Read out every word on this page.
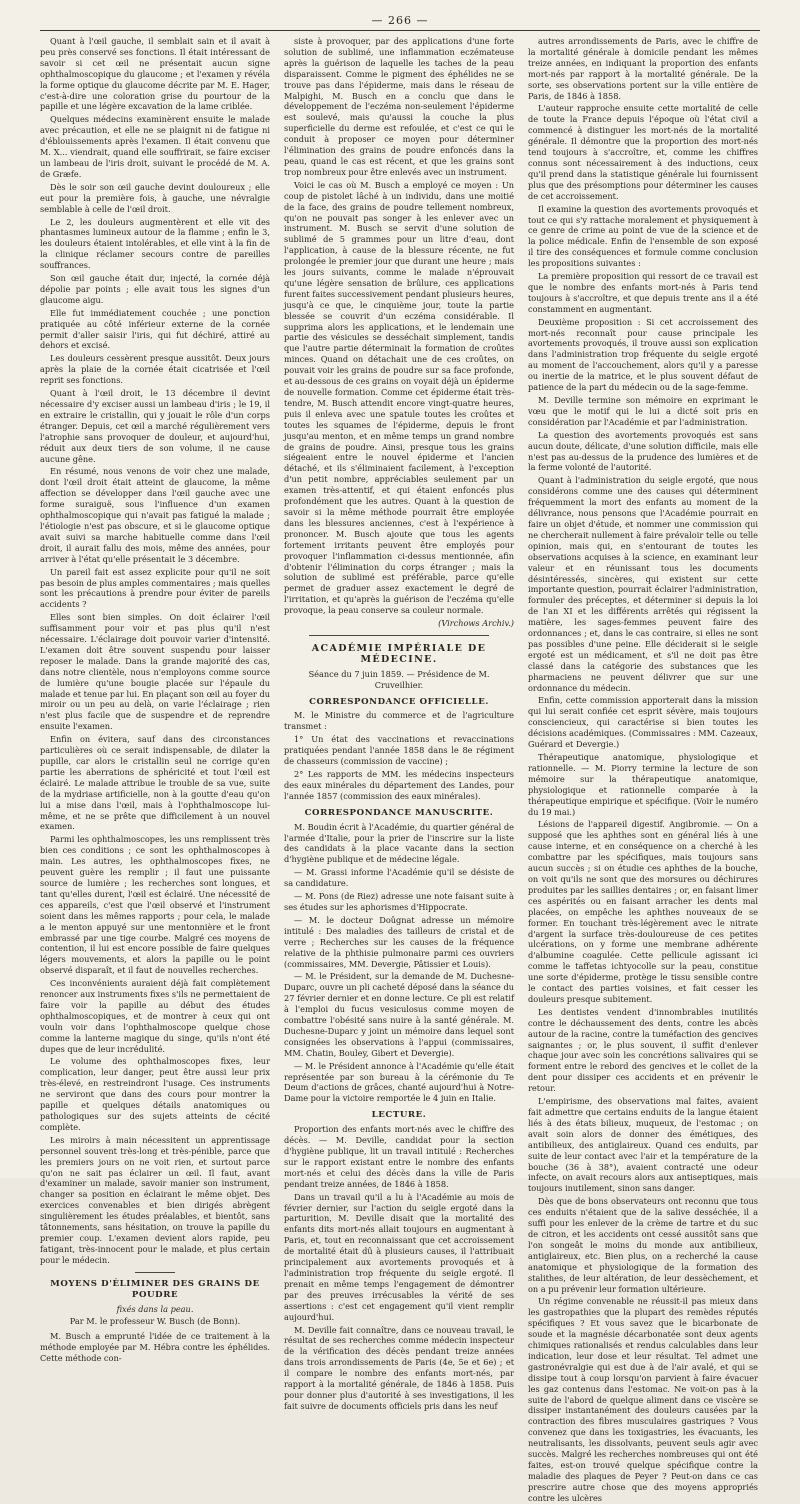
— 266 —

Quant à l'œil gauche, il semblait sain et il avait à peu près conservé ses fonctions. Il était intéressant de savoir si cet œil ne présentait aucun signe ophthalmoscopique du glaucome ; et l'examen y révéla la forme optique du glaucome décrite par M. E. Hager, c'est-à-dire une coloration grise du pourtour de la papille et une légère excavation de la lame criblée.

Quelques médecins examinèrent ensuite le malade avec précaution, et elle ne se plaignit ni de fatigue ni d'éblouissements après l'examen. Il était convenu que M. X... viendrait, quand elle souffrirait, se faire exciser un lambeau de l'iris droit, suivant le procédé de M. A. de Græfe.

Dès le soir son œil gauche devint douloureux ; elle eut pour la première fois, à gauche, une névralgie semblable à celle de l'œil droit.

Le 2, les douleurs augmentèrent et elle vit des phantasmes lumineux autour de la flamme ; enfin le 3, les douleurs étaient intolérables, et elle vint à la fin de la clinique réclamer secours contre de pareilles souffrances.

Son œil gauche était dur, injecté, la cornée déjà dépolie par points ; elle avait tous les signes d'un glaucome aigu.

Elle fut immédiatement couchée ; une ponction pratiquée au côté inférieur externe de la cornée permit d'aller saisir l'iris, qui fut déchiré, attiré au dehors et excisé.

Les douleurs cessèrent presque aussitôt. Deux jours après la plaie de la cornée était cicatrisée et l'œil reprit ses fonctions.

Quant à l'œil droit, le 13 décembre il devint nécessaire d'y exciser aussi un lambeau d'iris ; le 19, il en extraire le cristallin, qui y jouait le rôle d'un corps étranger. Depuis, cet œil a marché régulièrement vers l'atrophie sans provoquer de douleur, et aujourd'hui, réduit aux deux tiers de son volume, il ne cause aucune gêne.

En résumé, nous venons de voir chez une malade, dont l'œil droit était atteint de glaucome, la même affection se développer dans l'œil gauche avec une forme suraiguë, sous l'influence d'un examen ophthalmoscopique qui n'avait pas fatigué la malade ; l'étiologie n'est pas obscure, et si le glaucome optique avait suivi sa marche habituelle comme dans l'œil droit, il aurait fallu des mois, même des années, pour arriver à l'état qu'elle présentait le 3 décembre.

Un pareil fait est assez explicite pour qu'il ne soit pas besoin de plus amples commentaires ; mais quelles sont les précautions à prendre pour éviter de pareils accidents ?

Elles sont bien simples. On doit éclairer l'œil suffisamment pour voir et pas plus qu'il n'est nécessaire. L'éclairage doit pouvoir varier d'intensité. L'examen doit être souvent suspendu pour laisser reposer le malade. Dans la grande majorité des cas, dans notre clientèle, nous n'employons comme source de lumière qu'une bougie placée sur l'épaule du malade et tenue par lui. En plaçant son œil au foyer du miroir ou un peu au delà, on varie l'éclairage ; rien n'est plus facile que de suspendre et de reprendre ensuite l'examen.

Enfin on évitera, sauf dans des circonstances particulières où ce serait indispensable, de dilater la pupille, car alors le cristallin seul ne corrige qu'en partie les aberrations de sphéricité et tout l'œil est éclairé. Le malade attribue le trouble de sa vue, suite de la mydriase artificielle, non à la goutte d'eau qu'on lui a mise dans l'œil, mais à l'ophthalmoscope lui-même, et ne se prête que difficilement à un nouvel examen.

Parmi les ophthalmoscopes, les uns remplissent très bien ces conditions ; ce sont les ophthalmoscopes à main. Les autres, les ophthalmoscopes fixes, ne peuvent guère les remplir ; il faut une puissante source de lumière ; les recherches sont longues, et tant qu'elles durent, l'œil est éclairé. Une nécessité de ces appareils, c'est que l'œil observé et l'instrument soient dans les mêmes rapports ; pour cela, le malade a le menton appuyé sur une mentonnière et le front embrassé par une tige courbe. Malgré ces moyens de contention, il lui est encore possible de faire quelques légers mouvements, et alors la papille ou le point observé disparaît, et il faut de nouvelles recherches.

Ces inconvénients auraient déjà fait complètement renoncer aux instruments fixes s'ils ne permettaient de faire voir la papille au début des études ophthalmoscopiques, et de montrer à ceux qui ont vouln voir dans l'ophthalmoscope quelque chose comme la lanterne magique du singe, qu'ils n'ont été dupes que de leur incrédulité.

Le volume des ophthalmoscopes fixes, leur complication, leur danger, peut être aussi leur prix très-élevé, en restreindront l'usage. Ces instruments ne serviront que dans des cours pour montrer la papille et quelques détails anatomiques ou pathologiques sur des sujets atteints de cécité complète.

Les miroirs à main nécessitent un apprentissage personnel souvent très-long et très-pénible, parce que les premiers jours on ne voit rien, et surtout parce qu'on ne sait pas éclairer un œil. Il faut, avant d'examiner un malade, savoir manier son instrument, changer sa position en éclairant le même objet. Des exercices convenables et bien dirigés abrègent singulièrement les études préalables, et bientôt, sans tâtonnements, sans hésitation, on trouve la papille du premier coup. L'examen devient alors rapide, peu fatigant, très-innocent pour le malade, et plus certain pour le médecin.

MOYENS D'ÉLIMINER DES GRAINS DE POUDRE
fixés dans la peau.
Par M. le professeur W. Busch (de Bonn).

M. Busch a emprunté l'idée de ce traitement à la méthode employée par M. Hébra contre les éphélides. Cette méthode con-

siste à provoquer, par des applications d'une forte solution de sublimé, une inflammation eczémateuse après la guérison de laquelle les taches de la peau disparaissent. Comme le pigment des éphélides ne se trouve pas dans l'épiderme, mais dans le réseau de Malpighi, M. Busch en a conclu que dans le développement de l'eczéma non-seulement l'épiderme est soulevé, mais qu'aussi la couche la plus superficielle du derme est refoulée, et c'est ce qui le conduit à proposer ce moyen pour déterminer l'élimination des grains de poudre enfoncés dans la peau, quand le cas est récent, et que les grains sont trop nombreux pour être enlevés avec un instrument.

Voici le cas où M. Busch a employé ce moyen : Un coup de pistolet lâché à un individu, dans une moitié de la face, des grains de poudre tellement nombreux, qu'on ne pouvait pas songer à les enlever avec un instrument. M. Busch se servit d'une solution de sublimé de 5 grammes pour un litre d'eau, dont l'application, à cause de la blessure récente, ne fut prolongée le premier jour que durant une heure ; mais les jours suivants, comme le malade n'éprouvait qu'une légère sensation de brûlure, ces applications furent faites successivement pendant plusieurs heures, jusqu'à ce que, le cinquième jour, toute la partie blessée se couvrit d'un eczéma considérable. Il supprima alors les applications, et le lendemain une partie des vésicules se desséchait simplement, tandis que l'autre partie déterminait la formation de croûtes minces. Quand on détachait une de ces croûtes, on pouvait voir les grains de poudre sur sa face profonde, et au-dessous de ces grains on voyait déjà un épiderme de nouvelle formation. Comme cet épiderme était très-tendre, M. Busch attendit encore vingt-quatre heures, puis il enleva avec une spatule toutes les croûtes et toutes les squames de l'épiderme, depuis le front jusqu'au menton, et en même temps un grand nombre de grains de poudre. Ainsi, presque tous les grains siégeaient entre le nouvel épiderme et l'ancien détaché, et ils s'éliminaient facilement, à l'exception d'un petit nombre, appréciables seulement par un examen très-attentif, et qui étaient enfoncés plus profondément que les autres. Quant à la question de savoir si la même méthode pourrait être employée dans les blessures anciennes, c'est à l'expérience à prononcer. M. Busch ajoute que tous les agents fortement irritants peuvent être employés pour provoquer l'inflammation ci-dessus mentionnée, afin d'obtenir l'élimination du corps étranger ; mais la solution de sublimé est préférable, parce qu'elle permet de graduer assez exactement le degré de l'irritation, et qu'après la guérison de l'eczéma qu'elle provoque, la peau conserve sa couleur normale.

(Virchows Archiv.)
ACADÉMIE IMPÉRIALE DE MÉDECINE.
Séance du 7 juin 1859. — Présidence de M. Cruveilhier.
CORRESPONDANCE OFFICIELLE.

M. le Ministre du commerce et de l'agriculture transmet :

1° Un état des vaccinations et revaccinations pratiquées pendant l'année 1858 dans le 8e régiment de chasseurs (commission de vaccine) ;

2° Les rapports de MM. les médecins inspecteurs des eaux minérales du département des Landes, pour l'année 1857 (commission des eaux minérales).

CORRESPONDANCE MANUSCRITE.

M. Boudin écrit à l'Académie, du quartier général de l'armée d'Italie, pour la prier de l'inscrire sur la liste des candidats à la place vacante dans la section d'hygiène publique et de médecine légale.

— M. Grassi informe l'Académie qu'il se désiste de sa candidature.

— M. Pons (de Riez) adresse une note faisant suite à ses études sur les aphorismes d'Hippocrate.

— M. le docteur Doûgnat adresse un mémoire intitulé : Des maladies des tailleurs de cristal et de verre ; Recherches sur les causes de la fréquence relative de la phthisie pulmonaire parmi ces ouvriers (commissaires, MM. Devergie, Pâtissier et Louis).

— M. le Président, sur la demande de M. Duchesne-Duparc, ouvre un pli cacheté déposé dans la séance du 27 février dernier et en donne lecture. Ce pli est relatif à l'emploi du fucus vesiculosus comme moyen de combattre l'obésité sans nuire à la santé générale. M. Duchesne-Duparc y joint un mémoire dans lequel sont consignées les observations à l'appui (commissaires, MM. Chatin, Bouley, Gibert et Devergie).

— M. le Président annonce à l'Académie qu'elle était représentée par son bureau à la cérémonie du Te Deum d'actions de grâces, chanté aujourd'hui à Notre-Dame pour la victoire remportée le 4 juin en Italie.

LECTURE.

Proportion des enfants mort-nés avec le chiffre des décès. — M. Deville, candidat pour la section d'hygiène publique, lit un travail intitulé : Recherches sur le rapport existant entre le nombre des enfants mort-nés et celui des décès dans la ville de Paris pendant treize années, de 1846 à 1858.

Dans un travail qu'il a lu à l'Académie au mois de février dernier, sur l'action du seigle ergoté dans la parturition, M. Deville disait que la mortalité des enfants dits mort-nés allait toujours en augmentant à Paris, et, tout en reconnaissant que cet accroissement de mortalité était dû à plusieurs causes, il l'attribuait principalement aux avortements provoqués et à l'administration trop fréquente du seigle ergoté. Il prenait en même temps l'engagement de démontrer par des preuves irrécusables la vérité de ses assertions : c'est cet engagement qu'il vient remplir aujourd'hui.

M. Deville fait connaître, dans ce nouveau travail, le résultat de ses recherches comme médecin inspecteur de la vérification des décès pendant treize années dans trois arrondissements de Paris (4e, 5e et 6e) ; et il compare le nombre des enfants mort-nés, par rapport à la mortalité générale, de 1846 à 1858. Puis pour donner plus d'autorité à ses investigations, il les fait suivre de documents officiels pris dans les neuf

autres arrondissements de Paris, avec le chiffre de la mortalité générale à domicile pendant les mêmes treize années, en indiquant la proportion des enfants mort-nés par rapport à la mortalité générale. De la sorte, ses observations portent sur la ville entière de Paris, de 1846 à 1858.

L'auteur rapproche ensuite cette mortalité de celle de toute la France depuis l'époque où l'état civil a commencé à distinguer les mort-nés de la mortalité générale. Il démontre que la proportion des mort-nés tend toujours à s'accroître, et, comme les chiffres connus sont nécessairement à des inductions, ceux qu'il prend dans la statistique générale lui fournissent plus que des présomptions pour déterminer les causes de cet accroissement.

Il examine la question des avortements provoqués et tout ce qui s'y rattache moralement et physiquement à ce genre de crime au point de vue de la science et de la police médicale. Enfin de l'ensemble de son exposé il tire des conséquences et formule comme conclusion les propositions suivantes :

La première proposition qui ressort de ce travail est que le nombre des enfants mort-nés à Paris tend toujours à s'accroître, et que depuis trente ans il a été constamment en augmentant.

Deuxième proposition : Si cet accroissement des mort-nés reconnaît pour cause principale les avortements provoqués, il trouve aussi son explication dans l'administration trop fréquente du seigle ergoté au moment de l'accouchement, alors qu'il y a paresse ou inertie de la matrice, et le plus souvent défaut de patience de la part du médecin ou de la sage-femme.

M. Deville termine son mémoire en exprimant le vœu que le motif qui le lui a dicté soit pris en considération par l'Académie et par l'administration.

La question des avortements provoqués est sans aucun doute, délicate, d'une solution difficile, mais elle n'est pas au-dessus de la prudence des lumières et de la ferme volonté de l'autorité.

Quant à l'administration du seigle ergoté, que nous considérons comme une des causes qui déterminent fréquemment la mort des enfants au moment de la délivrance, nous pensons que l'Académie pourrait en faire un objet d'étude, et nommer une commission qui ne chercherait nullement à faire prévaloir telle ou telle opinion, mais qui, en s'entourant de toutes les observations acquises à la science, en examinant leur valeur et en réunissant tous les documents désintéressés, sincères, qui existent sur cette importante question, pourrait éclairer l'administration, formuler des préceptes, et déterminer si depuis la loi de l'an XI et les différents arrêtés qui régissent la matière, les sages-femmes peuvent faire des ordonnances ; et, dans le cas contraire, si elles ne sont pas possibles d'une peine. Elle déciderait si le seigle ergoté est un médicament, et s'il ne doit pas être classé dans la catégorie des substances que les pharmaciens ne peuvent délivrer que sur une ordonnance du médecin.

Enfin, cette commission apporterait dans la mission qui lui serait confiée cet esprit sévère, mais toujours consciencieux, qui caractérise si bien toutes les décisions académiques. (Commissaires : MM. Cazeaux, Guérard et Devergie.)

Thérapeutique anatomique, physiologique et rationnelle. — M. Piorry termine la lecture de son mémoire sur la thérapeutique anatomique, physiologique et rationnelle comparée à la thérapeutique empirique et spécifique. (Voir le numéro du 19 mai.)

Lésions de l'appareil digestif. Angibromie. — On a supposé que les aphthes sont en général liés à une cause interne, et en conséquence on a cherché à les combattre par les spécifiques, mais toujours sans aucun succès ; si on étudie ces aphthes de la bouche, on voit qu'ils ne sont que des morsures ou déchirures produites par les saillies dentaires ; or, en faisant limer ces aspérités ou en faisant arracher les dents mal placées, on empêche les aphthes nouveaux de se former. En touchant très-légèrement avec le nitrate d'argent la surface très-douloureuse de ces petites ulcérations, on y forme une membrane adhérente d'albumine coagulée. Cette pellicule agissant ici comme le taffetas ichtyocolle sur la peau, constitue une sorte d'épiderme, protège le tissu sensible contre le contact des parties voisines, et fait cesser les douleurs presque subitement.

Les dentistes vendent d'innombrables inutilités contre le déchaussement des dents, contre les abcès autour de la racine, contre la tuméfaction des gencives saignantes ; or, le plus souvent, il suffit d'enlever chaque jour avec soin les concrétions salivaires qui se forment entre le rebord des gencives et le collet de la dent pour dissiper ces accidents et en prévenir le retour.

L'empirisme, des observations mal faites, avaient fait admettre que certains enduits de la langue étaient liés à des états bilieux, muqueux, de l'estomac ; on avait soin alors de donner des émétiques, des antibilieux, des antiglaireux. Quand ces enduits, par suite de leur contact avec l'air et la température de la bouche (36 à 38°), avaient contracté une odeur infecte, on avait recours alors aux antiseptiques, mais toujours inutilement, sinon sans danger.

Dès que de bons observateurs ont reconnu que tous ces enduits n'étaient que de la salive desséchée, il a suffi pour les enlever de la crème de tartre et du suc de citron, et les accidents ont cessé aussitôt sans que l'on songeât le moins du monde aux antibilieux, antiglaireux, etc. Bien plus, on a recherché la cause anatomique et physiologique de la formation des stalithes, de leur altération, de leur dessèchement, et on a pu prévenir leur formation ultérieure.

Un régime convenable ne réussit-il pas mieux dans les gastropathies que la plupart des remèdes réputés spécifiques ? Et vous savez que le bicarbonate de soude et la magnésie décarbonatée sont deux agents chimiques rationalisés et rendus calculables dans leur indication, leur dose et leur résultat. Tel admet une gastronévralgie qui est due à de l'air avalé, et qui se dissipe tout à coup lorsqu'on parvient à faire évacuer les gaz contenus dans l'estomac. Ne voit-on pas à la suite de l'abord de quelque aliment dans ce viscère se dissiper instantanément des douleurs causées par la contraction des fibres musculaires gastriques ? Vous convenez que dans les toxigastries, les évacuants, les neutralisants, les dissolvants, peuvent seuls agir avec succès. Malgré les recherches nombreuses qui ont été faites, est-on trouvé quelque spécifique contre la maladie des plaques de Peyer ? Peut-on dans ce cas prescrire autre chose que des moyens appropriés contre les ulcères
